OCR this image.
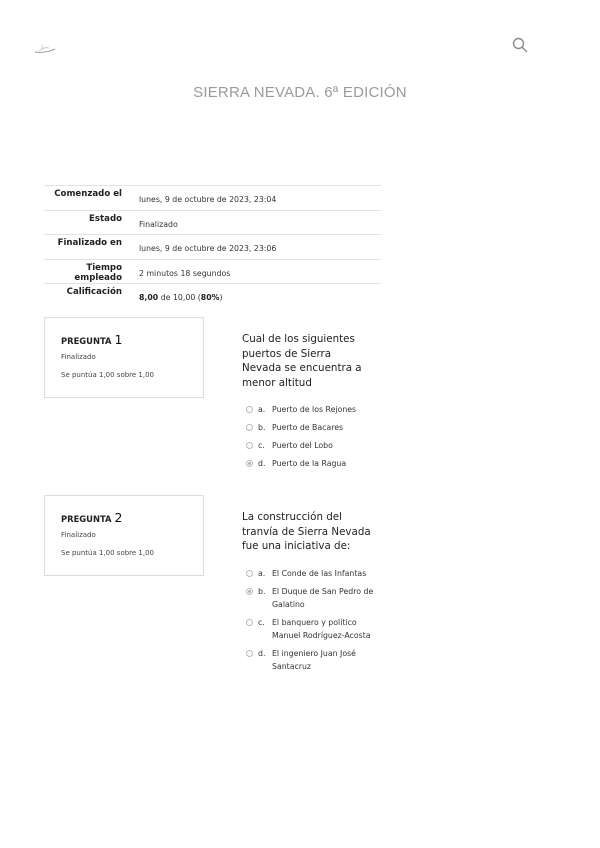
SIERRA NEVADA. 6ª EDICIÓN
Comenzado el
lunes, 9 de octubre de 2023, 23:04
Estado
Finalizado
Finalizado en
lunes, 9 de octubre de 2023, 23:06
Tiempo empleado	2 minutos 18 segundos
Calificación
8,00 de 10,00 (80%)
PREGUNTA 1
Finalizado
Se puntúa 1,00 sobre 1,00
Cual de los siguientes puertos de Sierra Nevada se encuentra a menor altitud
a. Puerto de los Rejones
b. Puerto de Bacares
c. Puerto del Lobo
d. Puerto de la Ragua
PREGUNTA 2
Finalizado
Se puntúa 1,00 sobre 1,00
La construcción del tranvía de Sierra Nevada fue una iniciativa de:
a. El Conde de las Infantas
b. El Duque de San Pedro de Galatino
c. El banquero y político Manuel Rodríguez-Acosta
d. El ingeniero Juan José Santacruz
